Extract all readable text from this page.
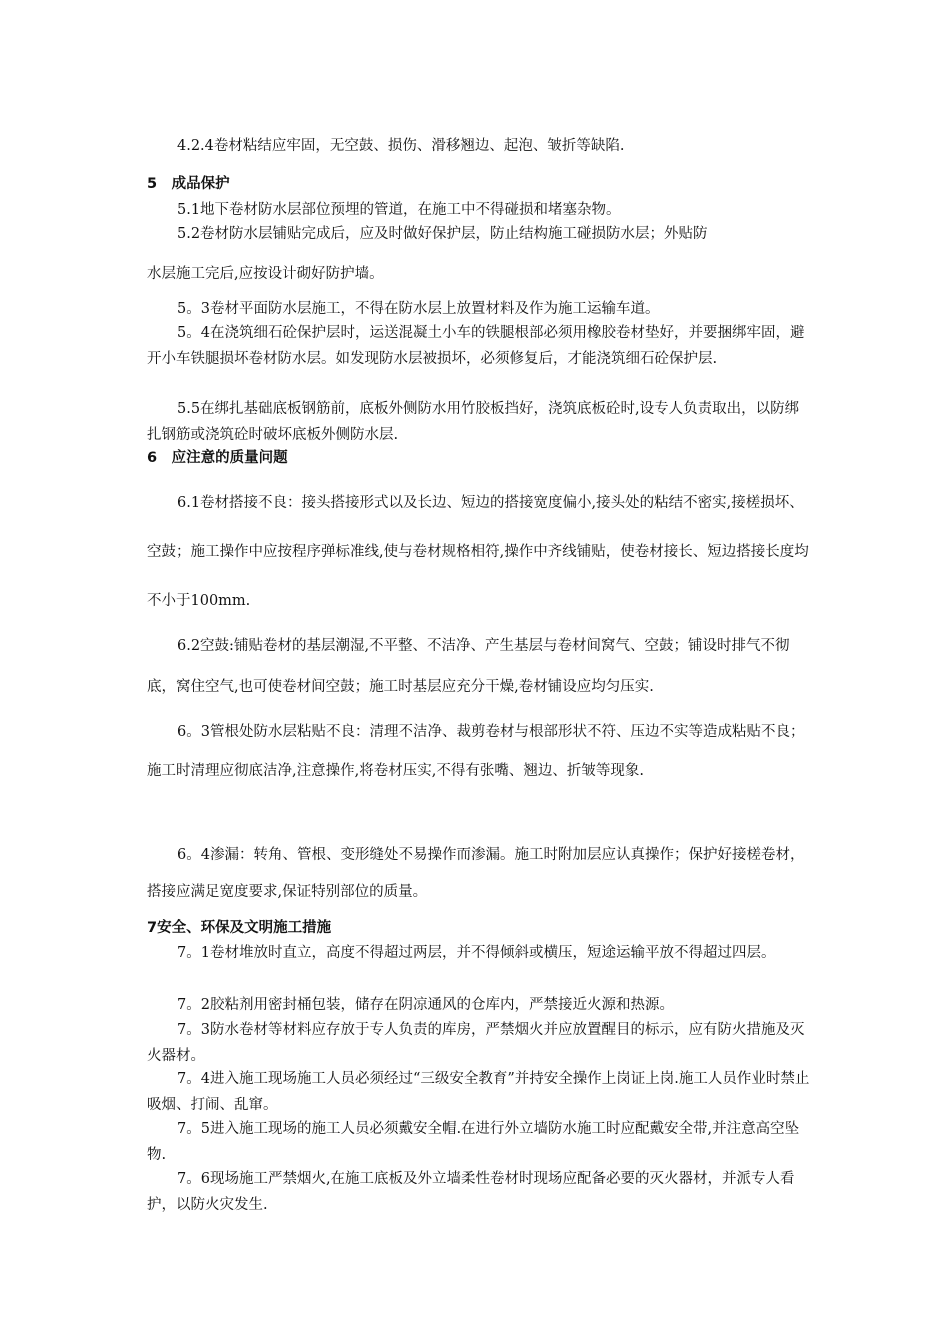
4.2.4卷材粘结应牢固，无空鼓、损伤、滑移翘边、起泡、皱折等缺陷.

5　成品保护

5.1地下卷材防水层部位预埋的管道，在施工中不得碰损和堵塞杂物。

5.2卷材防水层铺贴完成后，应及时做好保护层，防止结构施工碰损防水层；外贴防

水层施工完后,应按设计砌好防护墙。

5。3卷材平面防水层施工，不得在防水层上放置材料及作为施工运输车道。

5。4在浇筑细石砼保护层时，运送混凝土小车的铁腿根部必须用橡胶卷材垫好，并要捆绑牢固，避开小车铁腿损坏卷材防水层。如发现防水层被损坏，必须修复后，才能浇筑细石砼保护层.

5.5在绑扎基础底板钢筋前，底板外侧防水用竹胶板挡好，浇筑底板砼时,设专人负责取出，以防绑扎钢筋或浇筑砼时破坏底板外侧防水层.

6　应注意的质量问题

6.1卷材搭接不良：接头搭接形式以及长边、短边的搭接宽度偏小,接头处的粘结不密实,接槎损坏、空鼓；施工操作中应按程序弹标准线,使与卷材规格相符,操作中齐线铺贴，使卷材接长、短边搭接长度均不小于100mm.

6.2空鼓:铺贴卷材的基层潮湿,不平整、不洁净、产生基层与卷材间窝气、空鼓；铺设时排气不彻底，窝住空气,也可使卷材间空鼓；施工时基层应充分干燥,卷材铺设应均匀压实.

6。3管根处防水层粘贴不良：清理不洁净、裁剪卷材与根部形状不符、压边不实等造成粘贴不良；施工时清理应彻底洁净,注意操作,将卷材压实,不得有张嘴、翘边、折皱等现象.

6。4渗漏：转角、管根、变形缝处不易操作而渗漏。施工时附加层应认真操作；保护好接槎卷材，搭接应满足宽度要求,保证特别部位的质量。

7安全、环保及文明施工措施

7。1卷材堆放时直立，高度不得超过两层，并不得倾斜或横压，短途运输平放不得超过四层。

7。2胶粘剂用密封桶包装，储存在阴凉通风的仓库内，严禁接近火源和热源。

7。3防水卷材等材料应存放于专人负责的库房，严禁烟火并应放置醒目的标示，应有防火措施及灭火器材。

7。4进入施工现场施工人员必须经过“三级安全教育”并持安全操作上岗证上岗.施工人员作业时禁止吸烟、打闹、乱窜。

7。5进入施工现场的施工人员必须戴安全帽.在进行外立墙防水施工时应配戴安全带,并注意高空坠物.

7。6现场施工严禁烟火,在施工底板及外立墙柔性卷材时现场应配备必要的灭火器材，并派专人看护，以防火灾发生.
